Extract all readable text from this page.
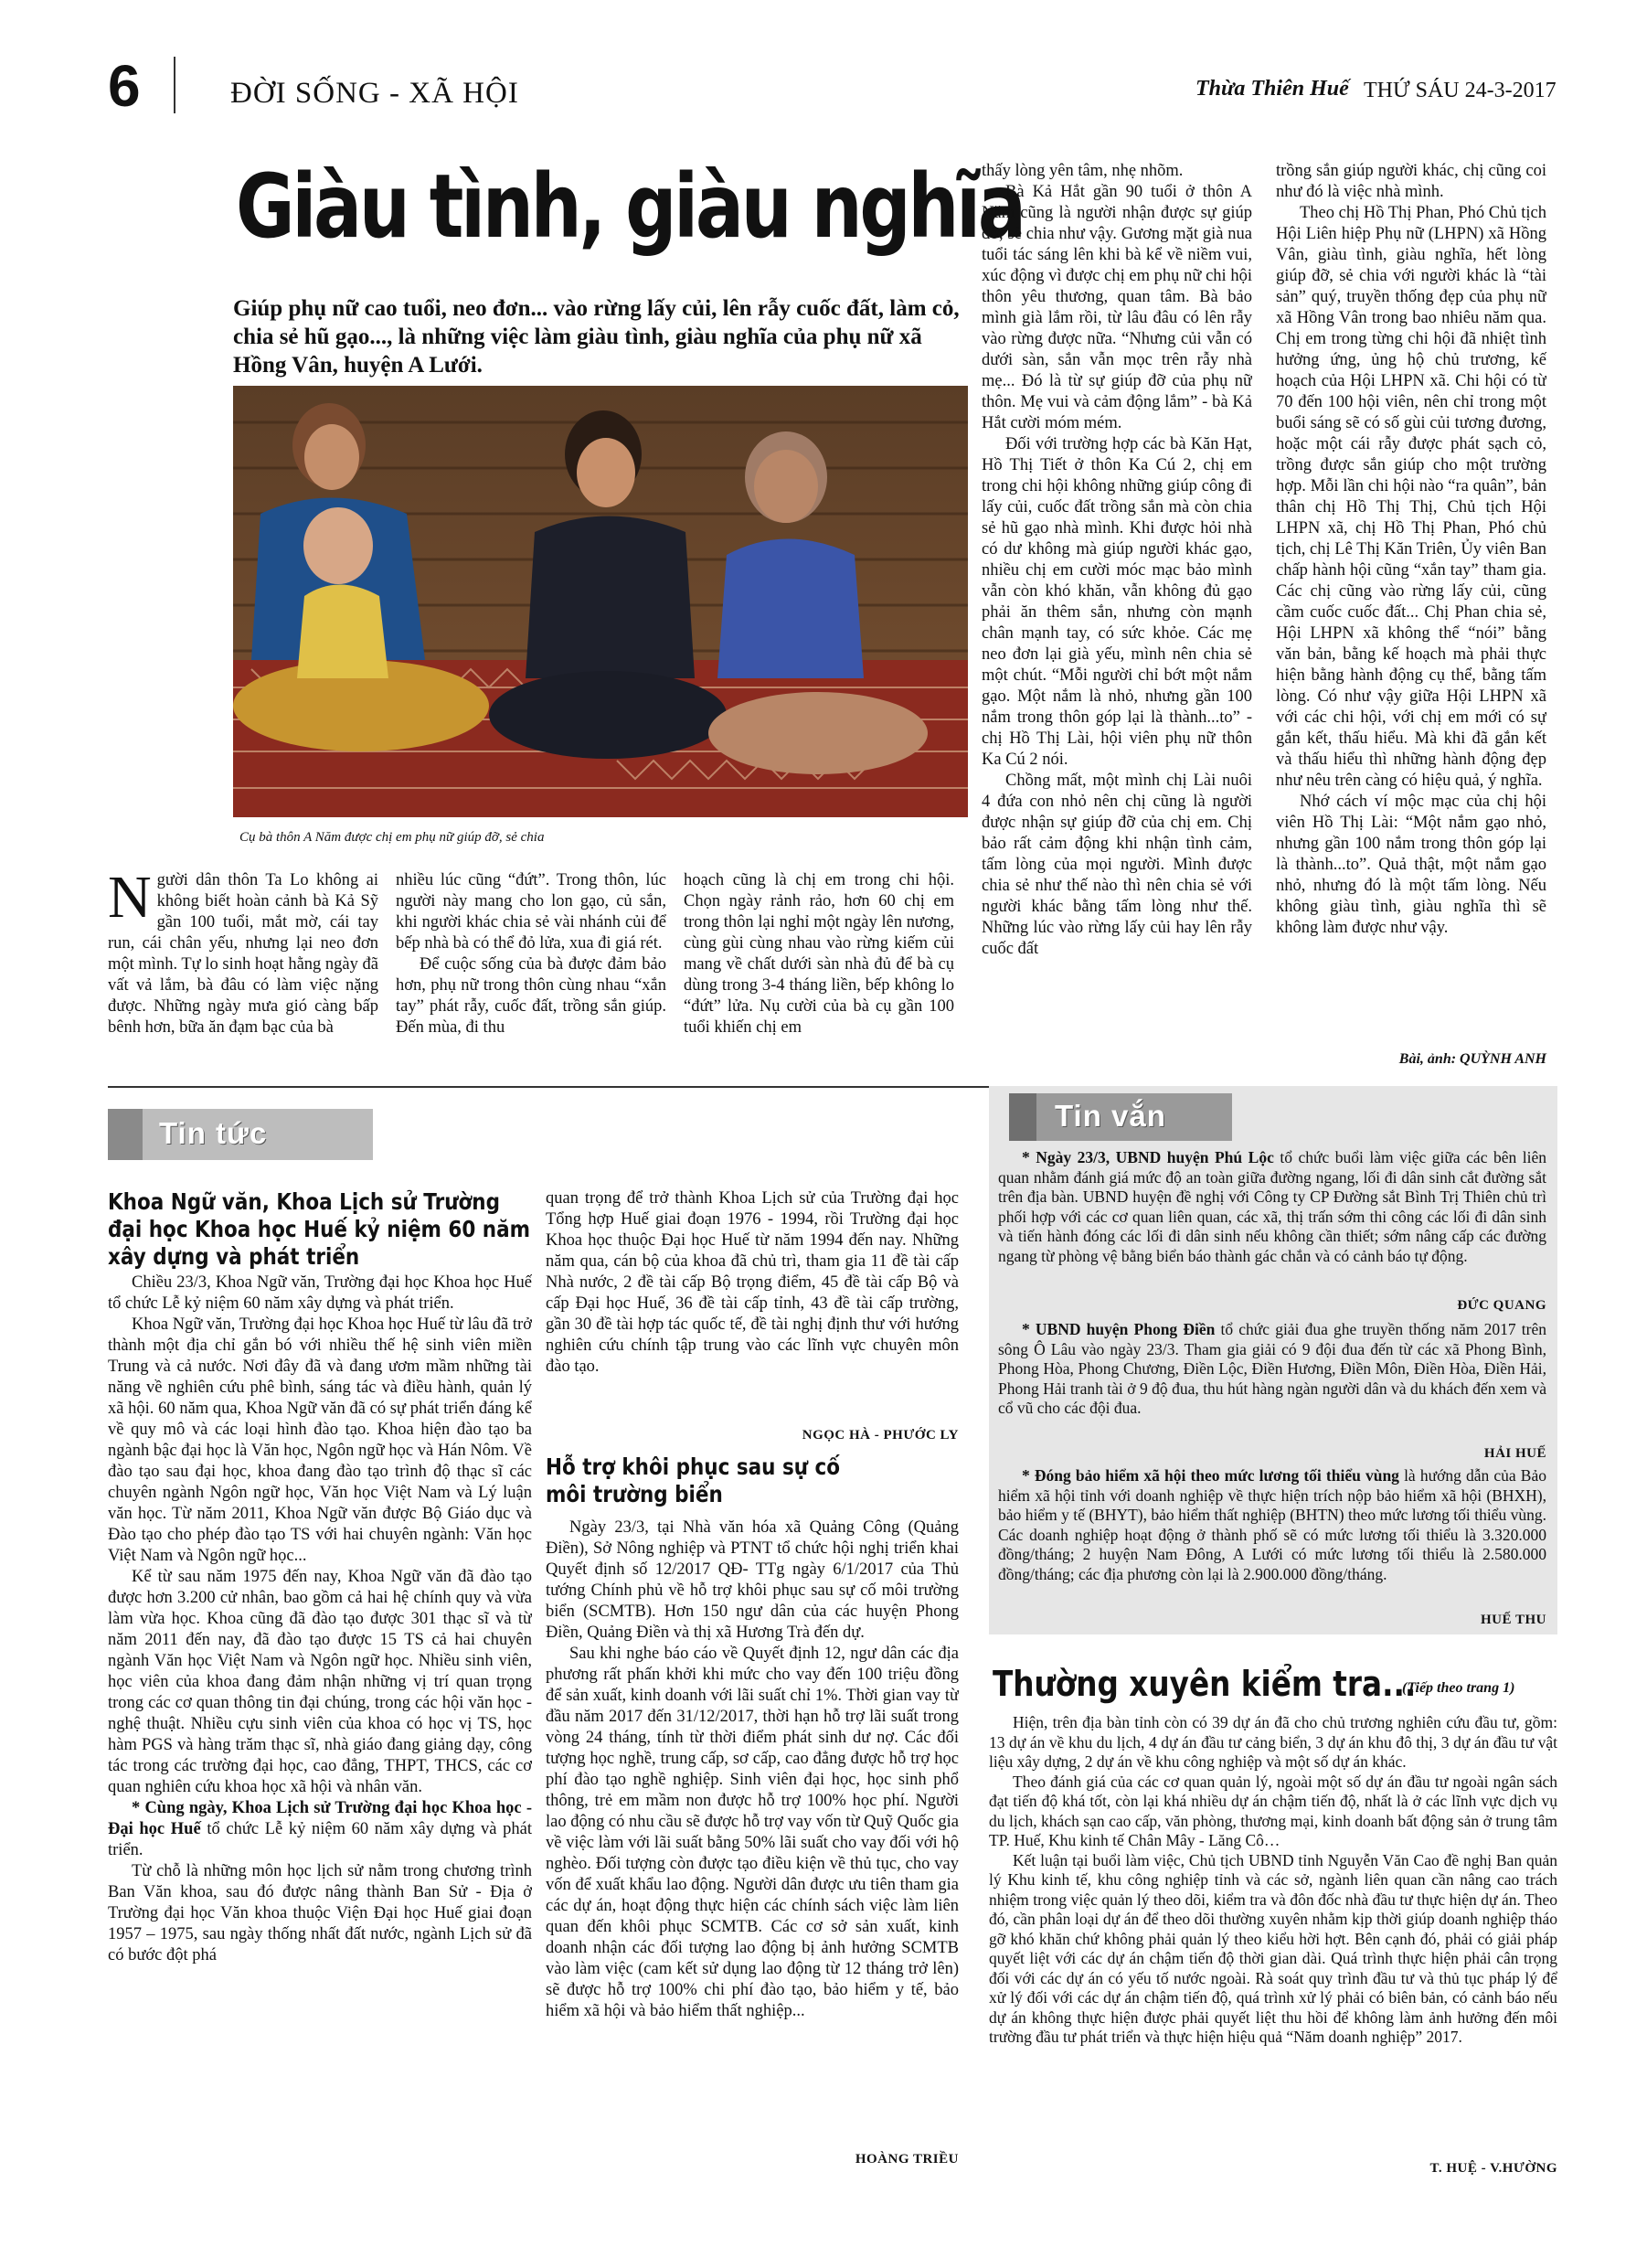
6	ĐỜI SỐNG - XÃ HỘI	Thừa Thiên Huế THỨ SÁU 24-3-2017
Giàu tình, giàu nghĩa
Giúp phụ nữ cao tuổi, neo đơn... vào rừng lấy củi, lên rẫy cuốc đất, làm cỏ, chia sẻ hũ gạo..., là những việc làm giàu tình, giàu nghĩa của phụ nữ xã Hồng Vân, huyện A Lưới.
Cụ bà thôn A Năm được chị em phụ nữ giúp đỡ, sẻ chia
Người dân thôn Ta Lo không ai không biết hoàn cảnh bà Kả Sỹ gần 100 tuổi, mắt mờ, cái tay run, cái chân yếu, nhưng lại neo đơn một mình. Tự lo sinh hoạt hằng ngày đã vất vả lắm, bà đâu có làm việc nặng được. Những ngày mưa gió càng bấp bênh hơn, bữa ăn đạm bạc của bà

nhiều lúc cũng “đứt”. Trong thôn, lúc người này mang cho lon gạo, củ sắn, khi người khác chia sẻ vài nhánh củi để bếp nhà bà có thể đỏ lửa, xua đi giá rét.

Để cuộc sống của bà được đảm bảo hơn, phụ nữ trong thôn cùng nhau “xắn tay” phát rẫy, cuốc đất, trồng sắn giúp. Đến mùa, đi thu

hoạch cũng là chị em trong chi hội. Chọn ngày rảnh rảo, hơn 60 chị em trong thôn lại nghỉ một ngày lên nương, cùng gùi cùng nhau vào rừng kiếm củi mang về chất dưới sàn nhà đủ để bà cụ dùng trong 3-4 tháng liền, bếp không lo “đứt” lửa. Nụ cười của bà cụ gần 100 tuổi khiến chị em

thấy lòng yên tâm, nhẹ nhõm.

Bà Kả Hắt gần 90 tuổi ở thôn A Năm cũng là người nhận được sự giúp đỡ, sẻ chia như vậy. Gương mặt già nua tuổi tác sáng lên khi bà kể về niềm vui, xúc động vì được chị em phụ nữ chi hội thôn yêu thương, quan tâm. Bà bảo mình già lắm rồi, từ lâu đâu có lên rẫy vào rừng được nữa. “Nhưng củi vẫn có dưới sàn, sắn vẫn mọc trên rẫy nhà mẹ... Đó là từ sự giúp đỡ của phụ nữ thôn. Mẹ vui và cảm động lắm” - bà Kả Hắt cười móm mém.

Đối với trường hợp các bà Kăn Hạt, Hồ Thị Tiết ở thôn Ka Cú 2, chị em trong chi hội không những giúp công đi lấy củi, cuốc đất trồng sắn mà còn chia sẻ hũ gạo nhà mình. Khi được hỏi nhà có dư không mà giúp người khác gạo, nhiều chị em cười móc mạc bảo mình vẫn còn khó khăn, vẫn không đủ gạo phải ăn thêm sắn, nhưng còn mạnh chân mạnh tay, có sức khỏe. Các mẹ neo đơn lại già yếu, mình nên chia sẻ một chút. “Mỗi người chỉ bớt một nắm gạo. Một nắm là nhỏ, nhưng gần 100 nắm trong thôn góp lại là thành...to” - chị Hồ Thị Lài, hội viên phụ nữ thôn Ka Cú 2 nói.

Chồng mất, một mình chị Lài nuôi 4 đứa con nhỏ nên chị cũng là người được nhận sự giúp đỡ của chị em. Chị bảo rất cảm động khi nhận tình cảm, tấm lòng của mọi người. Mình được chia sẻ như thế nào thì nên chia sẻ với người khác bằng tấm lòng như thế. Những lúc vào rừng lấy củi hay lên rẫy cuốc đất

trồng sắn giúp người khác, chị cũng coi như đó là việc nhà mình.

Theo chị Hồ Thị Phan, Phó Chủ tịch Hội Liên hiệp Phụ nữ (LHPN) xã Hồng Vân, giàu tình, giàu nghĩa, hết lòng giúp đỡ, sẻ chia với người khác là “tài sản” quý, truyền thống đẹp của phụ nữ xã Hồng Vân trong bao nhiêu năm qua. Chị em trong từng chi hội đã nhiệt tình hưởng ứng, ủng hộ chủ trương, kế hoạch của Hội LHPN xã. Chi hội có từ 70 đến 100 hội viên, nên chỉ trong một buổi sáng sẽ có số gùi củi tương đương, hoặc một cái rẫy được phát sạch cỏ, trồng được sắn giúp cho một trường hợp. Mỗi lần chi hội nào “ra quân”, bản thân chị Hồ Thị Thị, Chủ tịch Hội LHPN xã, chị Hồ Thị Phan, Phó chủ tịch, chị Lê Thị Kăn Triên, Ủy viên Ban chấp hành hội cũng “xắn tay” tham gia. Các chị cũng vào rừng lấy củi, cũng cầm cuốc cuốc đất... Chị Phan chia sẻ, Hội LHPN xã không thể “nói” bằng văn bản, bằng kế hoạch mà phải thực hiện bằng hành động cụ thể, bằng tấm lòng. Có như vậy giữa Hội LHPN xã với các chi hội, với chị em mới có sự gắn kết, thấu hiểu. Mà khi đã gắn kết và thấu hiểu thì những hành động đẹp như nêu trên càng có hiệu quả, ý nghĩa.

Nhớ cách ví mộc mạc của chị hội viên Hồ Thị Lài: “Một nắm gạo nhỏ, nhưng gần 100 nắm trong thôn góp lại là thành...to”. Quả thật, một nắm gạo nhỏ, nhưng đó là một tấm lòng. Nếu không giàu tình, giàu nghĩa thì sẽ không làm được như vậy.

Bài, ảnh: QUỲNH ANH
Tin tức
Khoa Ngữ văn, Khoa Lịch sử Trường đại học Khoa học Huế kỷ niệm 60 năm xây dựng và phát triển

Chiều 23/3, Khoa Ngữ văn, Trường đại học Khoa học Huế tổ chức Lễ kỷ niệm 60 năm xây dựng và phát triển.

Khoa Ngữ văn, Trường đại học Khoa học Huế từ lâu đã trở thành một địa chỉ gắn bó với nhiều thế hệ sinh viên miền Trung và cả nước. Nơi đây đã và đang ươm mầm những tài năng về nghiên cứu phê bình, sáng tác và điều hành, quản lý xã hội. 60 năm qua, Khoa Ngữ văn đã có sự phát triển đáng kể về quy mô và các loại hình đào tạo. Khoa hiện đào tạo ba ngành bậc đại học là Văn học, Ngôn ngữ học và Hán Nôm. Về đào tạo sau đại học, khoa đang đào tạo trình độ thạc sĩ các chuyên ngành Ngôn ngữ học, Văn học Việt Nam và Lý luận văn học. Từ năm 2011, Khoa Ngữ văn được Bộ Giáo dục và Đào tạo cho phép đào tạo TS với hai chuyên ngành: Văn học Việt Nam và Ngôn ngữ học...

Kể từ sau năm 1975 đến nay, Khoa Ngữ văn đã đào tạo được hơn 3.200 cử nhân, bao gồm cả hai hệ chính quy và vừa làm vừa học. Khoa cũng đã đào tạo được 301 thạc sĩ và từ năm 2011 đến nay, đã đào tạo được 15 TS cả hai chuyên ngành Văn học Việt Nam và Ngôn ngữ học. Nhiều sinh viên, học viên của khoa đang đảm nhận những vị trí quan trọng trong các cơ quan thông tin đại chúng, trong các hội văn học - nghệ thuật. Nhiều cựu sinh viên của khoa có học vị TS, học hàm PGS và hàng trăm thạc sĩ, nhà giáo đang giảng dạy, công tác trong các trường đại học, cao đẳng, THPT, THCS, các cơ quan nghiên cứu khoa học xã hội và nhân văn.

* Cùng ngày, Khoa Lịch sử Trường đại học Khoa học - Đại học Huế tổ chức Lễ kỷ niệm 60 năm xây dựng và phát triển.

Từ chỗ là những môn học lịch sử nằm trong chương trình Ban Văn khoa, sau đó được nâng thành Ban Sử - Địa ở Trường đại học Văn khoa thuộc Viện Đại học Huế giai đoạn 1957 – 1975, sau ngày thống nhất đất nước, ngành Lịch sử đã có bước đột phá

quan trọng để trở thành Khoa Lịch sử của Trường đại học Tổng hợp Huế giai đoạn 1976 - 1994, rồi Trường đại học Khoa học thuộc Đại học Huế từ năm 1994 đến nay. Những năm qua, cán bộ của khoa đã chủ trì, tham gia 11 đề tài cấp Nhà nước, 2 đề tài cấp Bộ trọng điểm, 45 đề tài cấp Bộ và cấp Đại học Huế, 36 đề tài cấp tỉnh, 43 đề tài cấp trường, gần 30 đề tài hợp tác quốc tế, đề tài nghị định thư với hướng nghiên cứu chính tập trung vào các lĩnh vực chuyên môn đào tạo.

NGỌC HÀ - PHƯỚC LY
Hỗ trợ khôi phục sau sự cố môi trường biển

Ngày 23/3, tại Nhà văn hóa xã Quảng Công (Quảng Điền), Sở Nông nghiệp và PTNT tổ chức hội nghị triển khai Quyết định số 12/2017 QĐ- TTg ngày 6/1/2017 của Thủ tướng Chính phủ về hỗ trợ khôi phục sau sự cố môi trường biển (SCMTB). Hơn 150 ngư dân của các huyện Phong Điền, Quảng Điền và thị xã Hương Trà đến dự.

Sau khi nghe báo cáo về Quyết định 12, ngư dân các địa phương rất phấn khởi khi mức cho vay đến 100 triệu đồng để sản xuất, kinh doanh với lãi suất chỉ 1%. Thời gian vay từ đầu năm 2017 đến 31/12/2017, thời hạn hỗ trợ lãi suất trong vòng 24 tháng, tính từ thời điểm phát sinh dư nợ. Các đối tượng học nghề, trung cấp, sơ cấp, cao đẳng được hỗ trợ học phí đào tạo nghề nghiệp. Sinh viên đại học, học sinh phổ thông, trẻ em mầm non được hỗ trợ 100% học phí. Người lao động có nhu cầu sẽ được hỗ trợ vay vốn từ Quỹ Quốc gia về việc làm với lãi suất bằng 50% lãi suất cho vay đối với hộ nghèo. Đối tượng còn được tạo điều kiện về thủ tục, cho vay vốn để xuất khẩu lao động. Người dân được ưu tiên tham gia các dự án, hoạt động thực hiện các chính sách việc làm liên quan đến khôi phục SCMTB. Các cơ sở sản xuất, kinh doanh nhận các đối tượng lao động bị ảnh hưởng SCMTB vào làm việc (cam kết sử dụng lao động từ 12 tháng trở lên) sẽ được hỗ trợ 100% chi phí đào tạo, bảo hiểm y tế, bảo hiểm xã hội và bảo hiểm thất nghiệp...

HOÀNG TRIỀU
Tin vắn

* Ngày 23/3, UBND huyện Phú Lộc tổ chức buổi làm việc giữa các bên liên quan nhằm đánh giá mức độ an toàn giữa đường ngang, lối đi dân sinh cắt đường sắt trên địa bàn. UBND huyện đề nghị với Công ty CP Đường sắt Bình Trị Thiên chủ trì phối hợp với các cơ quan liên quan, các xã, thị trấn sớm thi công các lối đi dân sinh và tiến hành đóng các lối đi dân sinh nếu không cần thiết; sớm nâng cấp các đường ngang từ phòng vệ bằng biển báo thành gác chắn và có cảnh báo tự động.

ĐỨC QUANG

* UBND huyện Phong Điền tổ chức giải đua ghe truyền thống năm 2017 trên sông Ô Lâu vào ngày 23/3. Tham gia giải có 9 đội đua đến từ các xã Phong Bình, Phong Hòa, Phong Chương, Điền Lộc, Điền Hương, Điền Môn, Điền Hòa, Điền Hải, Phong Hải tranh tài ở 9 độ đua, thu hút hàng ngàn người dân và du khách đến xem và cổ vũ cho các đội đua.

HẢI HUẾ

* Đóng bảo hiểm xã hội theo mức lương tối thiểu vùng là hướng dẫn của Bảo hiểm xã hội tỉnh với doanh nghiệp về thực hiện trích nộp bảo hiểm xã hội (BHXH), bảo hiểm y tế (BHYT), bảo hiểm thất nghiệp (BHTN) theo mức lương tối thiểu vùng. Các doanh nghiệp hoạt động ở thành phố sẽ có mức lương tối thiểu là 3.320.000 đồng/tháng; 2 huyện Nam Đông, A Lưới có mức lương tối thiểu là 2.580.000 đồng/tháng; các địa phương còn lại là 2.900.000 đồng/tháng.

HUẾ THU
Thường xuyên kiểm tra...
(Tiếp theo trang 1)

Hiện, trên địa bàn tỉnh còn có 39 dự án đã cho chủ trương nghiên cứu đầu tư, gồm: 13 dự án về khu du lịch, 4 dự án đầu tư cảng biển, 3 dự án khu đô thị, 3 dự án đầu tư vật liệu xây dựng, 2 dự án về khu công nghiệp và một số dự án khác.

Theo đánh giá của các cơ quan quản lý, ngoài một số dự án đầu tư ngoài ngân sách đạt tiến độ khá tốt, còn lại khá nhiều dự án chậm tiến độ, nhất là ở các lĩnh vực dịch vụ du lịch, khách sạn cao cấp, văn phòng, thương mại, kinh doanh bất động sản ở trung tâm TP. Huế, Khu kinh tế Chân Mây - Lăng Cô…

Kết luận tại buổi làm việc, Chủ tịch UBND tỉnh Nguyễn Văn Cao đề nghị Ban quản lý Khu kinh tế, khu công nghiệp tỉnh và các sở, ngành liên quan cần nâng cao trách nhiệm trong việc quản lý theo dõi, kiểm tra và đôn đốc nhà đầu tư thực hiện dự án. Theo đó, cần phân loại dự án để theo dõi thường xuyên nhằm kịp thời giúp doanh nghiệp tháo gỡ khó khăn chứ không phải quản lý theo kiểu hời hợt. Bên cạnh đó, phải có giải pháp quyết liệt với các dự án chậm tiến độ thời gian dài. Quá trình thực hiện phải cân trọng đối với các dự án có yếu tố nước ngoài. Rà soát quy trình đầu tư và thủ tục pháp lý để xử lý đối với các dự án chậm tiến độ, quá trình xử lý phải có biên bản, có cảnh báo nếu dự án không thực hiện được phải quyết liệt thu hồi để không làm ảnh hưởng đến môi trường đầu tư phát triển và thực hiện hiệu quả “Năm doanh nghiệp” 2017.

T. HUỆ - V.HƯỜNG
